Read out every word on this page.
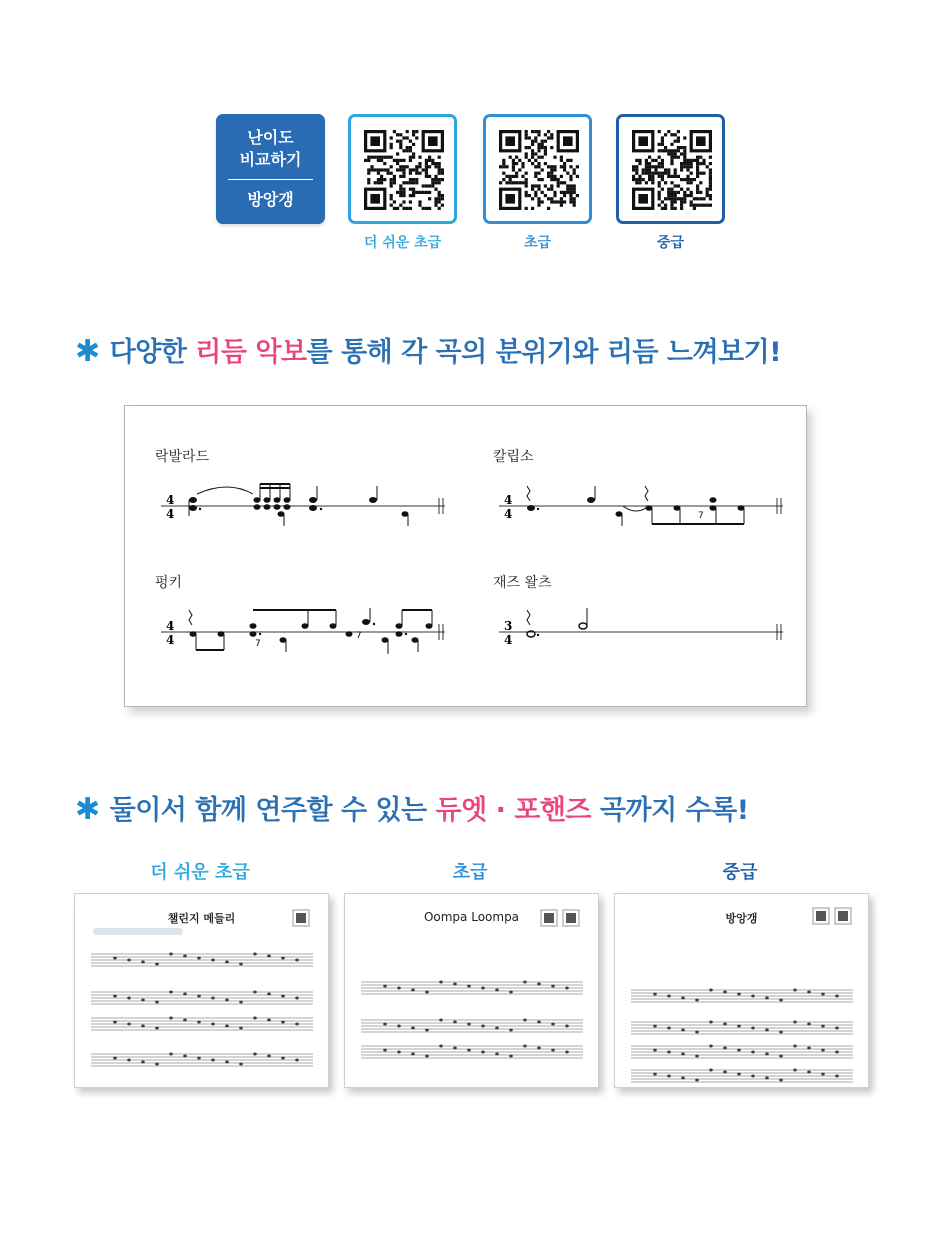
난이도
비교하기
방앙갱
더 쉬운 초급	초급	중급
✱ 다양한 리듬 악보를 통해 각 곡의 분위기와 리듬 느껴보기!
락발라드	칼립소
펑키	재즈 왈츠
4
4
4
4	7
4
4	7
7
3
4
✱ 둘이서 함께 연주할 수 있는 듀엣 · 포핸즈 곡까지 수록!
더 쉬운 초급	초급	중급
챌린지 메들리	Oompa Loompa	방앙갱
